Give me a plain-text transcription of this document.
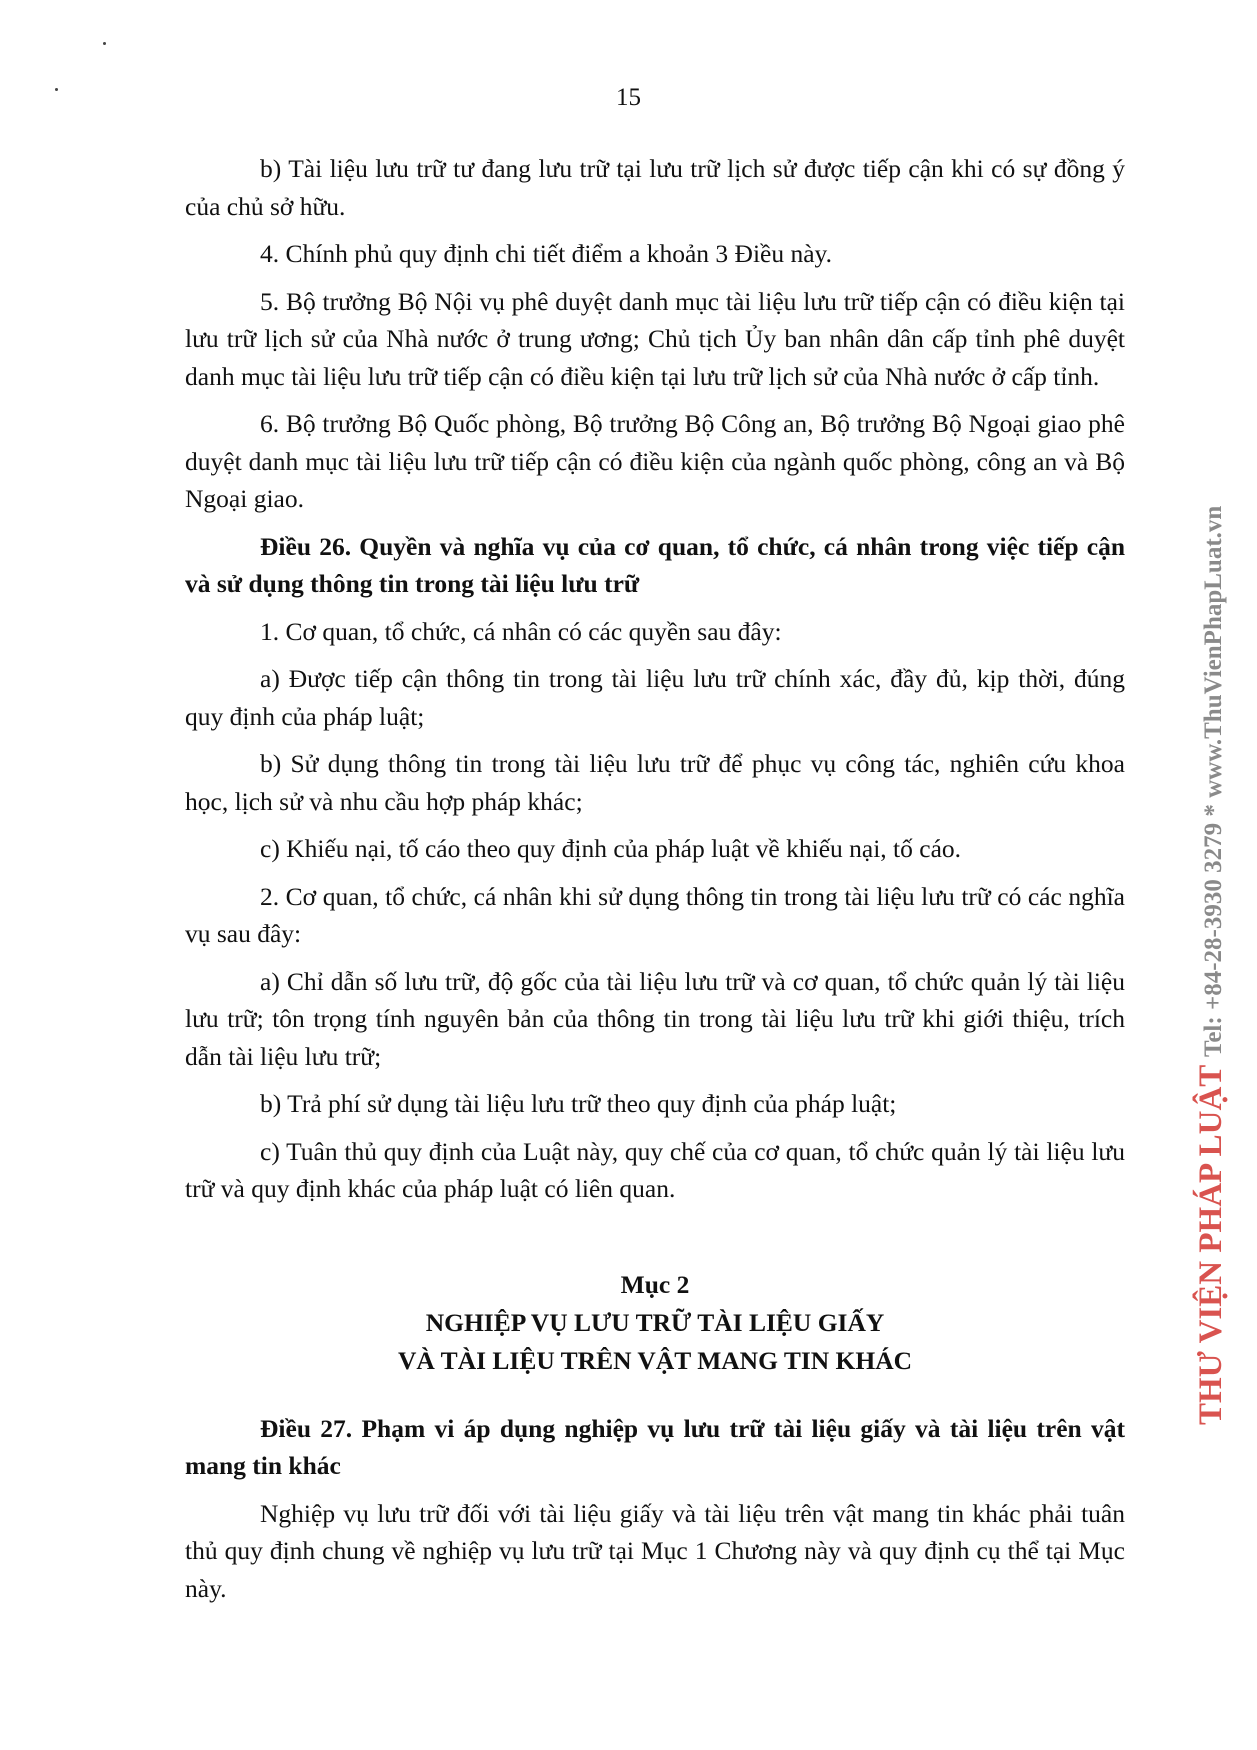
15

b) Tài liệu lưu trữ tư đang lưu trữ tại lưu trữ lịch sử được tiếp cận khi có sự đồng ý của chủ sở hữu.

4. Chính phủ quy định chi tiết điểm a khoản 3 Điều này.

5. Bộ trưởng Bộ Nội vụ phê duyệt danh mục tài liệu lưu trữ tiếp cận có điều kiện tại lưu trữ lịch sử của Nhà nước ở trung ương; Chủ tịch Ủy ban nhân dân cấp tỉnh phê duyệt danh mục tài liệu lưu trữ tiếp cận có điều kiện tại lưu trữ lịch sử của Nhà nước ở cấp tỉnh.

6. Bộ trưởng Bộ Quốc phòng, Bộ trưởng Bộ Công an, Bộ trưởng Bộ Ngoại giao phê duyệt danh mục tài liệu lưu trữ tiếp cận có điều kiện của ngành quốc phòng, công an và Bộ Ngoại giao.

Điều 26. Quyền và nghĩa vụ của cơ quan, tổ chức, cá nhân trong việc tiếp cận và sử dụng thông tin trong tài liệu lưu trữ

1. Cơ quan, tổ chức, cá nhân có các quyền sau đây:

a) Được tiếp cận thông tin trong tài liệu lưu trữ chính xác, đầy đủ, kịp thời, đúng quy định của pháp luật;

b) Sử dụng thông tin trong tài liệu lưu trữ để phục vụ công tác, nghiên cứu khoa học, lịch sử và nhu cầu hợp pháp khác;

c) Khiếu nại, tố cáo theo quy định của pháp luật về khiếu nại, tố cáo.

2. Cơ quan, tổ chức, cá nhân khi sử dụng thông tin trong tài liệu lưu trữ có các nghĩa vụ sau đây:

a) Chỉ dẫn số lưu trữ, độ gốc của tài liệu lưu trữ và cơ quan, tổ chức quản lý tài liệu lưu trữ; tôn trọng tính nguyên bản của thông tin trong tài liệu lưu trữ khi giới thiệu, trích dẫn tài liệu lưu trữ;

b) Trả phí sử dụng tài liệu lưu trữ theo quy định của pháp luật;

c) Tuân thủ quy định của Luật này, quy chế của cơ quan, tổ chức quản lý tài liệu lưu trữ và quy định khác của pháp luật có liên quan.

Mục 2
NGHIỆP VỤ LƯU TRỮ TÀI LIỆU GIẤY
VÀ TÀI LIỆU TRÊN VẬT MANG TIN KHÁC

Điều 27. Phạm vi áp dụng nghiệp vụ lưu trữ tài liệu giấy và tài liệu trên vật mang tin khác

Nghiệp vụ lưu trữ đối với tài liệu giấy và tài liệu trên vật mang tin khác phải tuân thủ quy định chung về nghiệp vụ lưu trữ tại Mục 1 Chương này và quy định cụ thể tại Mục này.

THƯ VIỆN PHÁP LUẬT Tel: +84-28-3930 3279 * www.ThuVienPhapLuat.vn
